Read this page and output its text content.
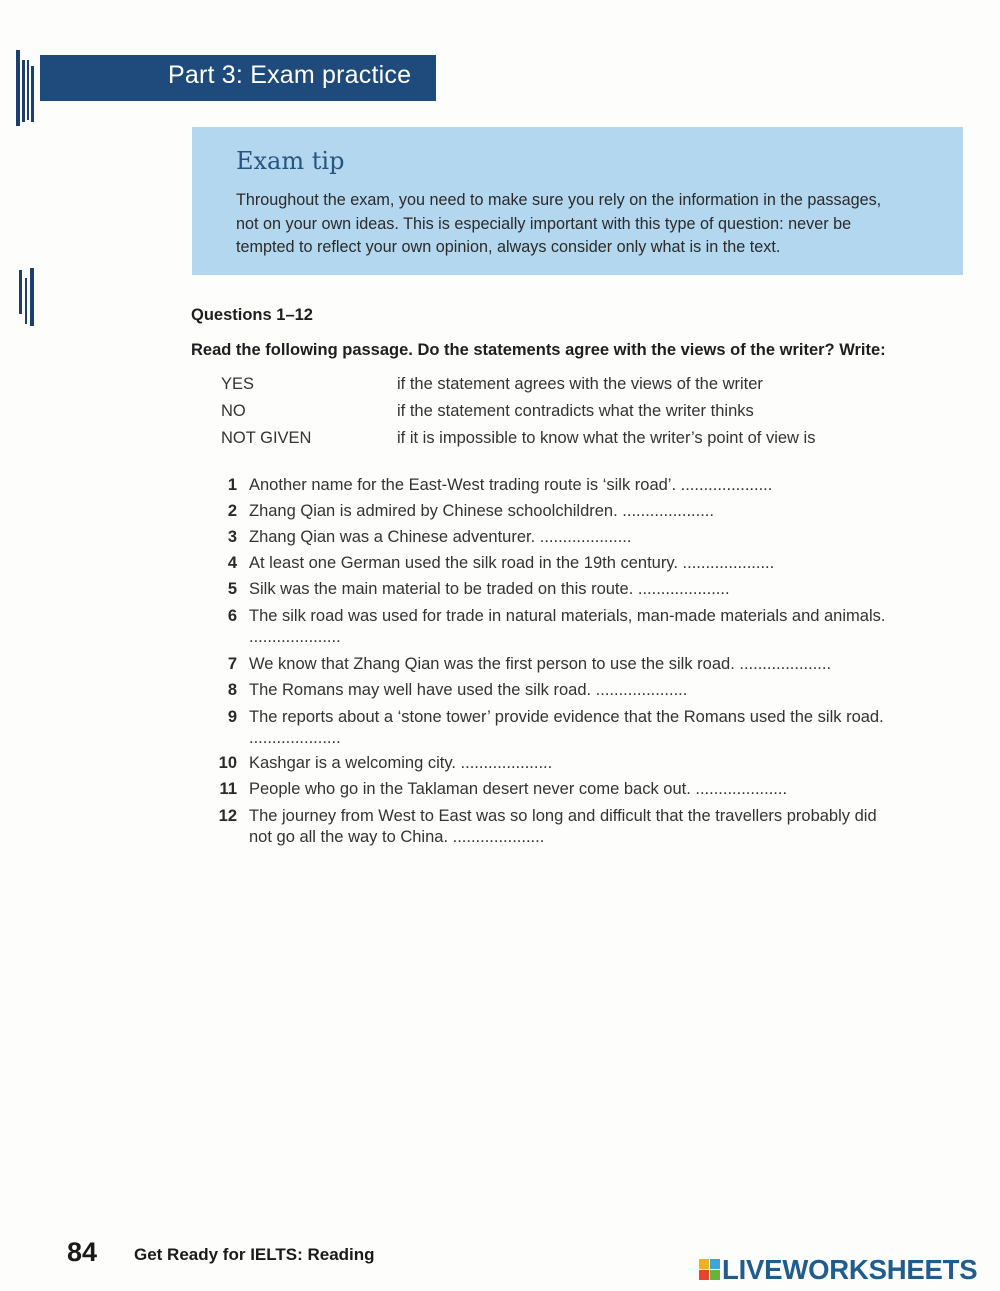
Part 3: Exam practice
Exam tip
Throughout the exam, you need to make sure you rely on the information in the passages,
not on your own ideas. This is especially important with this type of question: never be
tempted to reflect your own opinion, always consider only what is in the text.
Questions 1–12
Read the following passage. Do the statements agree with the views of the writer? Write:
YES	if the statement agrees with the views of the writer
NO	if the statement contradicts what the writer thinks
NOT GIVEN	if it is impossible to know what the writer’s point of view is
1 Another name for the East-West trading route is ‘silk road’. ....................
2 Zhang Qian is admired by Chinese schoolchildren. ....................
3 Zhang Qian was a Chinese adventurer. ....................
4 At least one German used the silk road in the 19th century. ....................
5 Silk was the main material to be traded on this route. ....................
6 The silk road was used for trade in natural materials, man-made materials and animals.
....................
7 We know that Zhang Qian was the first person to use the silk road. ....................
8 The Romans may well have used the silk road. ....................
9 The reports about a ‘stone tower’ provide evidence that the Romans used the silk road.
....................
10 Kashgar is a welcoming city. ....................
11 People who go in the Taklaman desert never come back out. ....................
12 The journey from West to East was so long and difficult that the travellers probably did
not go all the way to China. ....................
84 Get Ready for IELTS: Reading	LIVEWORKSHEETS
